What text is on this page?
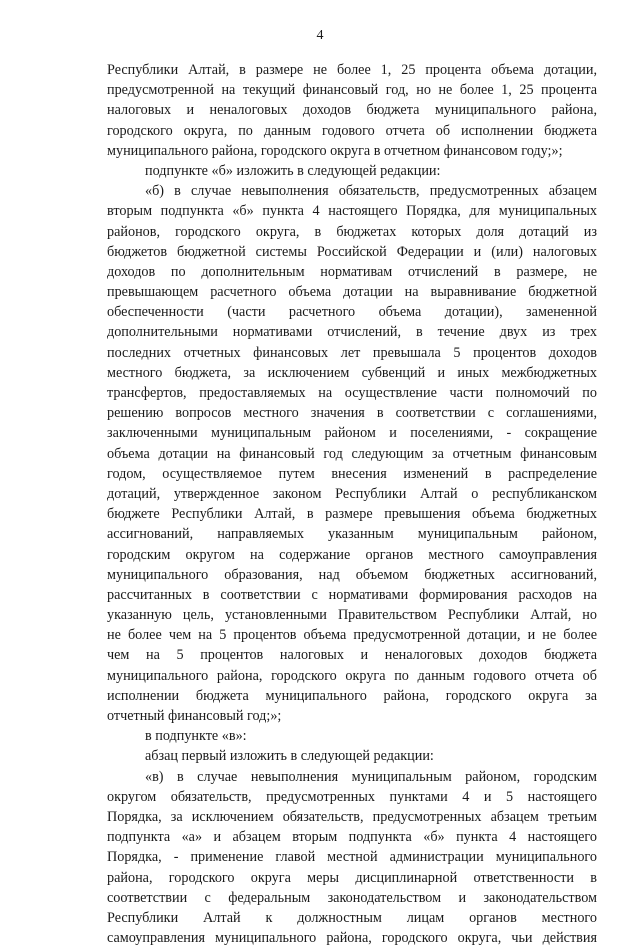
4
Республики Алтай, в размере не более 1, 25 процента объема дотации,
предусмотренной на текущий финансовый год, но не более 1, 25 процента
налоговых и неналоговых доходов бюджета муниципального района,
городского округа, по данным годового отчета об исполнении бюджета
муниципального района, городского округа в отчетном финансовом году;»;
подпункте «б» изложить в следующей редакции:
«б) в случае невыполнения обязательств, предусмотренных абзацем
вторым подпункта «б» пункта 4 настоящего Порядка, для муниципальных
районов, городского округа, в бюджетах которых доля дотаций из
бюджетов бюджетной системы Российской Федерации и (или) налоговых
доходов по дополнительным нормативам отчислений в размере, не
превышающем расчетного объема дотации на выравнивание бюджетной
обеспеченности (части расчетного объема дотации), замененной
дополнительными нормативами отчислений, в течение двух из трех
последних отчетных финансовых лет превышала 5 процентов доходов
местного бюджета, за исключением субвенций и иных межбюджетных
трансфертов, предоставляемых на осуществление части полномочий по
решению вопросов местного значения в соответствии с соглашениями,
заключенными муниципальным районом и поселениями, - сокращение
объема дотации на финансовый год следующим за отчетным финансовым
годом, осуществляемое путем внесения изменений в распределение
дотаций, утвержденное законом Республики Алтай о республиканском
бюджете Республики Алтай, в размере превышения объема бюджетных
ассигнований, направляемых указанным муниципальным районом,
городским округом на содержание органов местного самоуправления
муниципального образования, над объемом бюджетных ассигнований,
рассчитанных в соответствии с нормативами формирования расходов на
указанную цель, установленными Правительством Республики Алтай, но
не более чем на 5 процентов объема предусмотренной дотации, и не более
чем на 5 процентов налоговых и неналоговых доходов бюджета
муниципального района, городского округа по данным годового отчета об
исполнении бюджета муниципального района, городского округа за
отчетный финансовый год;»;
в подпункте «в»:
абзац первый изложить в следующей редакции:
«в) в случае невыполнения муниципальным районом, городским
округом обязательств, предусмотренных пунктами 4 и 5 настоящего
Порядка, за исключением обязательств, предусмотренных абзацем третьим
подпункта «а» и абзацем вторым подпункта «б» пункта 4 настоящего
Порядка, - применение главой местной администрации муниципального
района, городского округа меры дисциплинарной ответственности в
соответствии с федеральным законодательством и законодательством
Республики Алтай к должностным лицам органов местного
самоуправления муниципального района, городского округа, чьи действия
